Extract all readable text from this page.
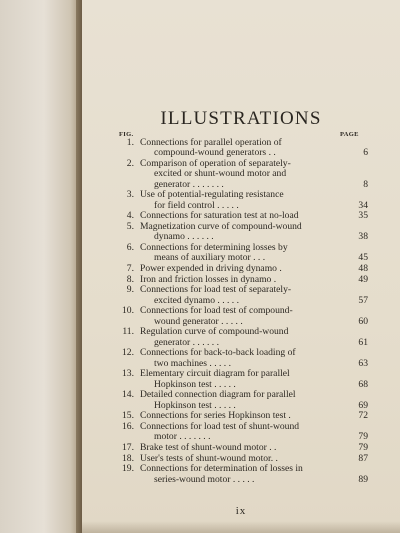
ILLUSTRATIONS
FIG.	PAGE
1. Connections for parallel operation of
compound-wound generators . .	6
2. Comparison of operation of separately-
excited or shunt-wound motor and
generator . . . . . . .	8
3. Use of potential-regulating resistance
for field control . . . . .	34
4. Connections for saturation test at no-load	35
5. Magnetization curve of compound-wound
dynamo . . . . . .	38
6. Connections for determining losses by
means of auxiliary motor . . .	45
7. Power expended in driving dynamo .	48
8. Iron and friction losses in dynamo .	49
9. Connections for load test of separately-
excited dynamo . . . . .	57
10. Connections for load test of compound-
wound generator . . . . .	60
11. Regulation curve of compound-wound
generator . . . . . .	61
12. Connections for back-to-back loading of
two machines . . . . .	63
13. Elementary circuit diagram for parallel
Hopkinson test . . . . .	68
14. Detailed connection diagram for parallel
Hopkinson test . . . . .	69
15. Connections for series Hopkinson test .	72
16. Connections for load test of shunt-wound
motor . . . . . . .	79
17. Brake test of shunt-wound motor . .	79
18. User's tests of shunt-wound motor. .	87
19. Connections for determination of losses in
series-wound motor . . . . .	89
ix
